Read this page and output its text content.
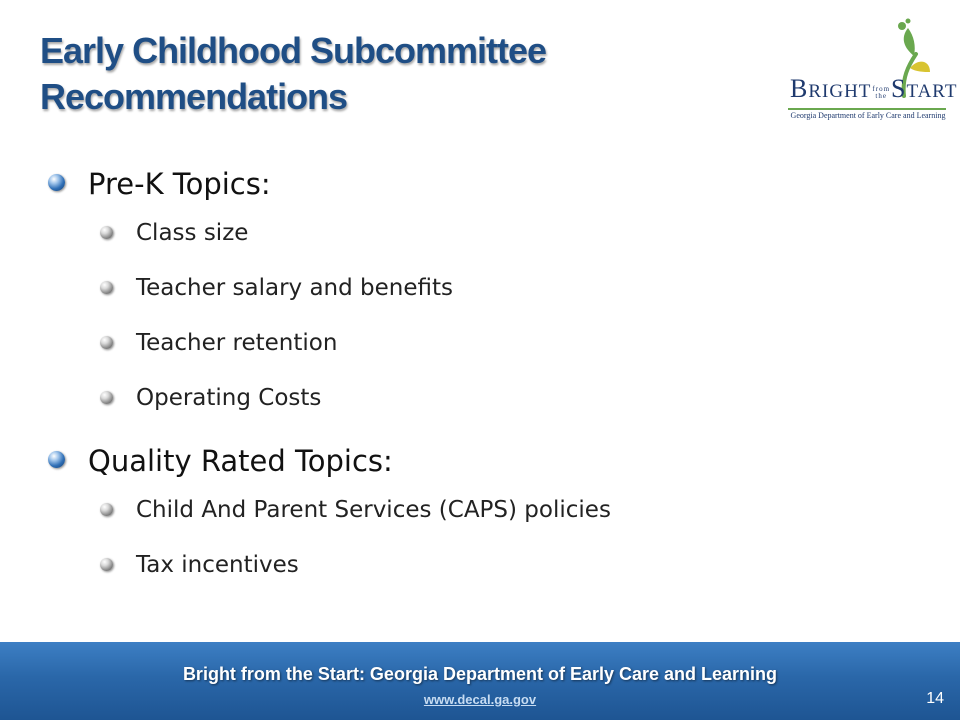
Early Childhood Subcommittee
Recommendations	BRIGHTfrom
the START
Georgia Department of Early Care and Learning
Pre-K Topics:
Class size
Teacher salary and benefits
Teacher retention
Operating Costs
Quality Rated Topics:
Child And Parent Services (CAPS) policies
Tax incentives
Bright from the Start: Georgia Department of Early Care and Learning
www.decal.ga.gov	14
